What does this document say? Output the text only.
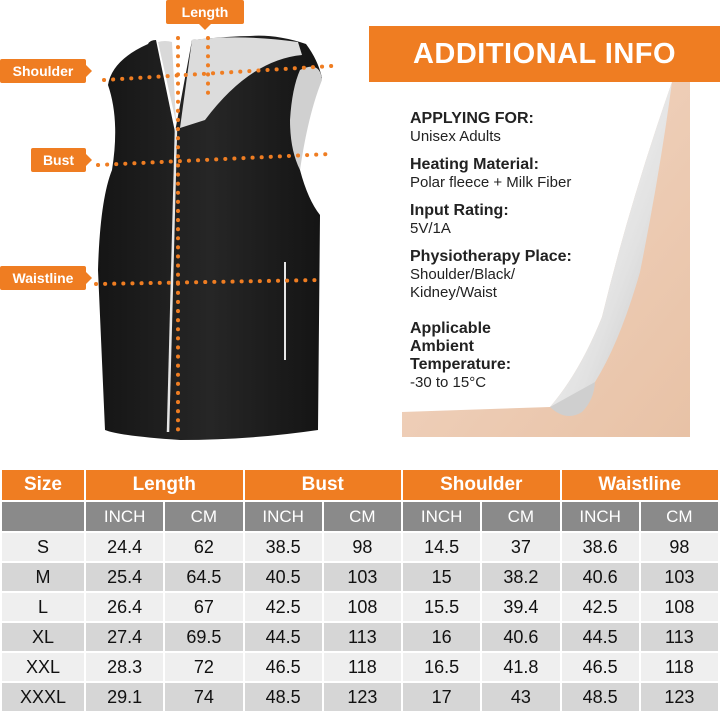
Length
Shoulder
Bust
Waistline
ADDITIONAL INFO
APPLYING FOR:
Unisex Adults
Heating Material:
Polar fleece + Milk Fiber
Input Rating:
5V/1A
Physiotherapy Place:
Shoulder/Black/ Kidney/Waist
Applicable Ambient Temperature:
-30 to 15°C
Size	Length		Bust		Shoulder		Waistline	
	INCH	CM	INCH	CM	INCH	CM	INCH	CM
S	24.4	62	38.5	98	14.5	37	38.6	98
M	25.4	64.5	40.5	103	15	38.2	40.6	103
L	26.4	67	42.5	108	15.5	39.4	42.5	108
XL	27.4	69.5	44.5	113	16	40.6	44.5	113
XXL	28.3	72	46.5	118	16.5	41.8	46.5	118
XXXL	29.1	74	48.5	123	17	43	48.5	123
